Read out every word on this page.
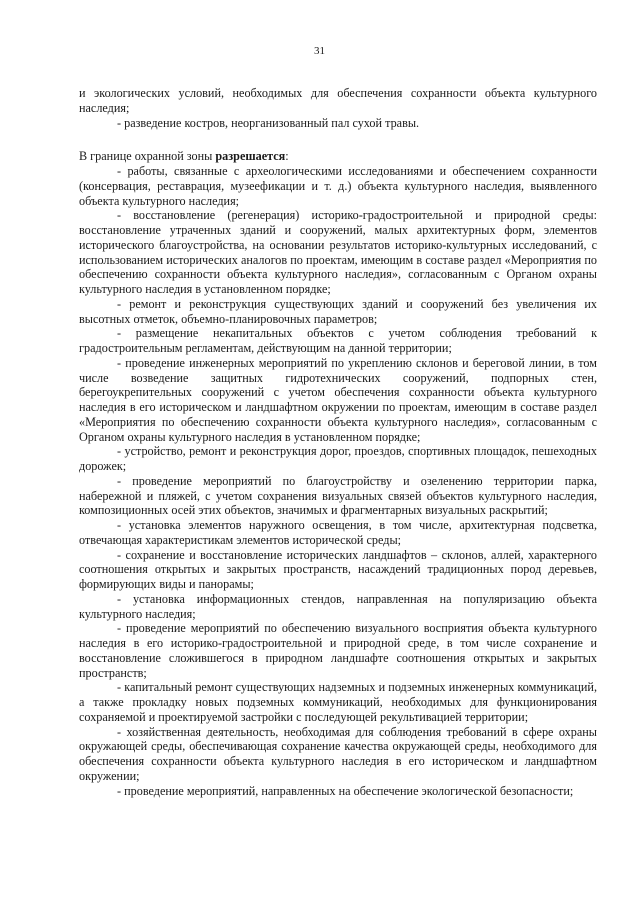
31

и экологических условий, необходимых для обеспечения сохранности объекта культурного наследия;

- разведение костров, неорганизованный пал сухой травы.

В границе охранной зоны разрешается:

- работы, связанные с археологическими исследованиями и обеспечением сохранности (консервация, реставрация, музеефикации и т. д.) объекта культурного наследия, выявленного объекта культурного наследия;

- восстановление (регенерация) историко-градостроительной и природной среды: восстановление утраченных зданий и сооружений, малых архитектурных форм, элементов исторического благоустройства, на основании результатов историко-культурных исследований, с использованием исторических аналогов по проектам, имеющим в составе раздел «Мероприятия по обеспечению сохранности объекта культурного наследия», согласованным с Органом охраны культурного наследия в установленном порядке;

- ремонт и реконструкция существующих зданий и сооружений без увеличения их высотных отметок, объемно-планировочных параметров;

- размещение некапитальных объектов с учетом соблюдения требований к градостроительным регламентам, действующим на данной территории;

- проведение инженерных мероприятий по укреплению склонов и береговой линии, в том числе возведение защитных гидротехнических сооружений, подпорных стен, берегоукрепительных сооружений с учетом обеспечения сохранности объекта культурного наследия в его историческом и ландшафтном окружении по проектам, имеющим в составе раздел «Мероприятия по обеспечению сохранности объекта культурного наследия», согласованным с Органом охраны культурного наследия в установленном порядке;

- устройство, ремонт и реконструкция дорог, проездов, спортивных площадок, пешеходных дорожек;

- проведение мероприятий по благоустройству и озеленению территории парка, набережной и пляжей, с учетом сохранения визуальных связей объектов культурного наследия, композиционных осей этих объектов, значимых и фрагментарных визуальных раскрытий;

- установка элементов наружного освещения, в том числе, архитектурная подсветка, отвечающая характеристикам элементов исторической среды;

- сохранение и восстановление исторических ландшафтов – склонов, аллей, характерного соотношения открытых и закрытых пространств, насаждений традиционных пород деревьев, формирующих виды и панорамы;

- установка информационных стендов, направленная на популяризацию объекта культурного наследия;

- проведение мероприятий по обеспечению визуального восприятия объекта культурного наследия в его историко-градостроительной и природной среде, в том числе сохранение и восстановление сложившегося в природном ландшафте соотношения открытых и закрытых пространств;

- капитальный ремонт существующих надземных и подземных инженерных коммуникаций, а также прокладку новых подземных коммуникаций, необходимых для функционирования сохраняемой и проектируемой застройки с последующей рекультивацией территории;

- хозяйственная деятельность, необходимая для соблюдения требований в сфере охраны окружающей среды, обеспечивающая сохранение качества окружающей среды, необходимого для обеспечения сохранности объекта культурного наследия в его историческом и ландшафтном окружении;

- проведение мероприятий, направленных на обеспечение экологической безопасности;
